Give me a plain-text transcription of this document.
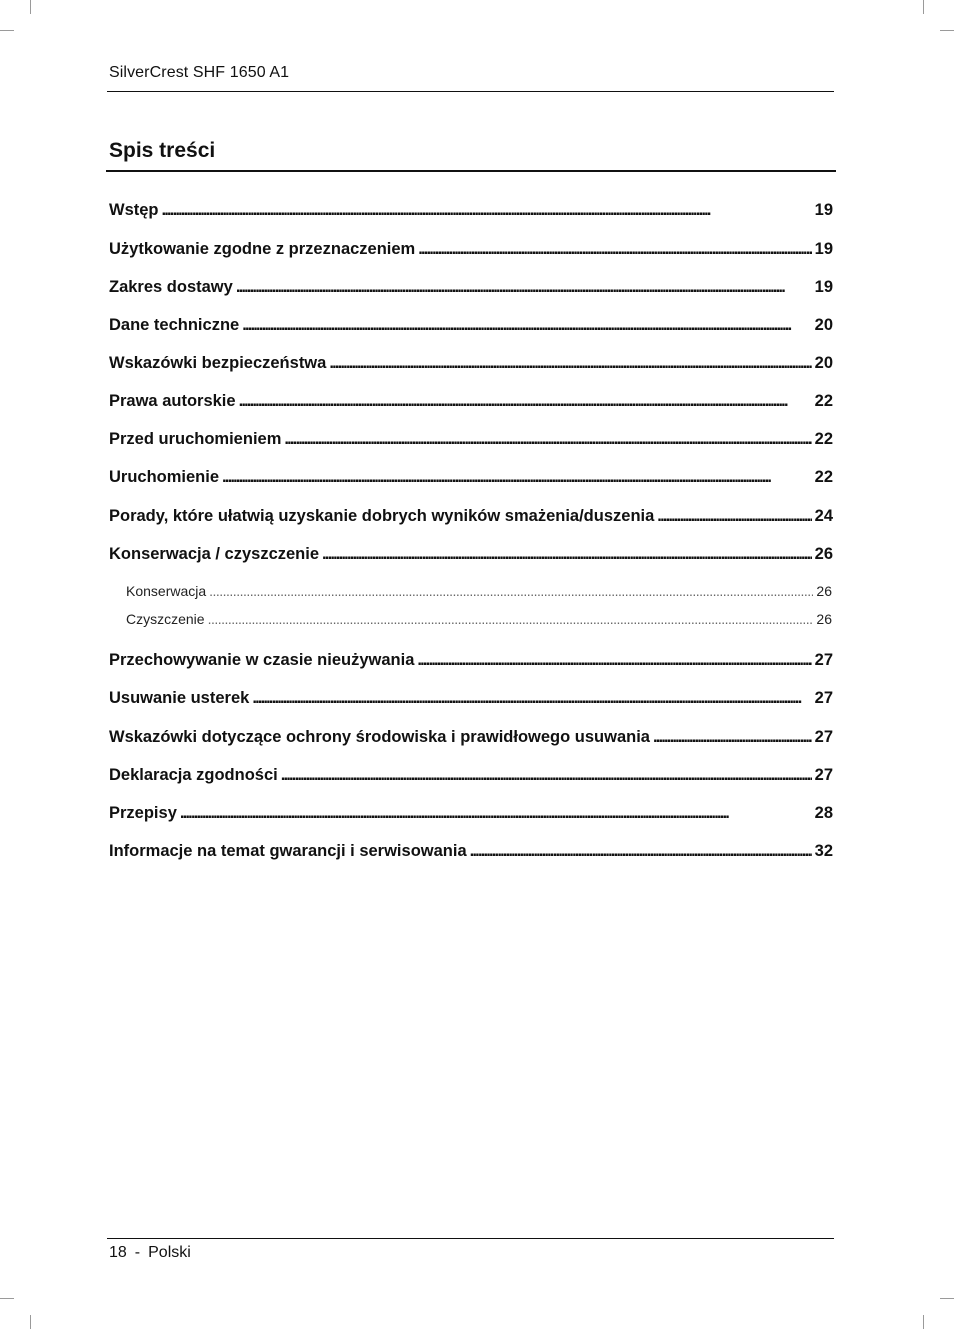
SilverCrest SHF 1650 A1
Spis treści
Wstęp . . .	19
Użytkowanie zgodne z przeznaczeniem . . .	19
Zakres dostawy . . .	19
Dane techniczne . . .	20
Wskazówki bezpieczeństwa . . .	20
Prawa autorskie . . .	22
Przed uruchomieniem . . .	22
Uruchomienie . . .	22
Porady, które ułatwią uzyskanie dobrych wyników smażenia/duszenia . . .	24
Konserwacja / czyszczenie . . .	26
Konserwacja . . .	26
Czyszczenie . . .	26
Przechowywanie w czasie nieużywania . . .	27
Usuwanie usterek . . .	27
Wskazówki dotyczące ochrony środowiska i prawidłowego usuwania . . .	27
Deklaracja zgodności . . .	27
Przepisy . . .	28
Informacje na temat gwarancji i serwisowania . . .	32
18 - Polski
